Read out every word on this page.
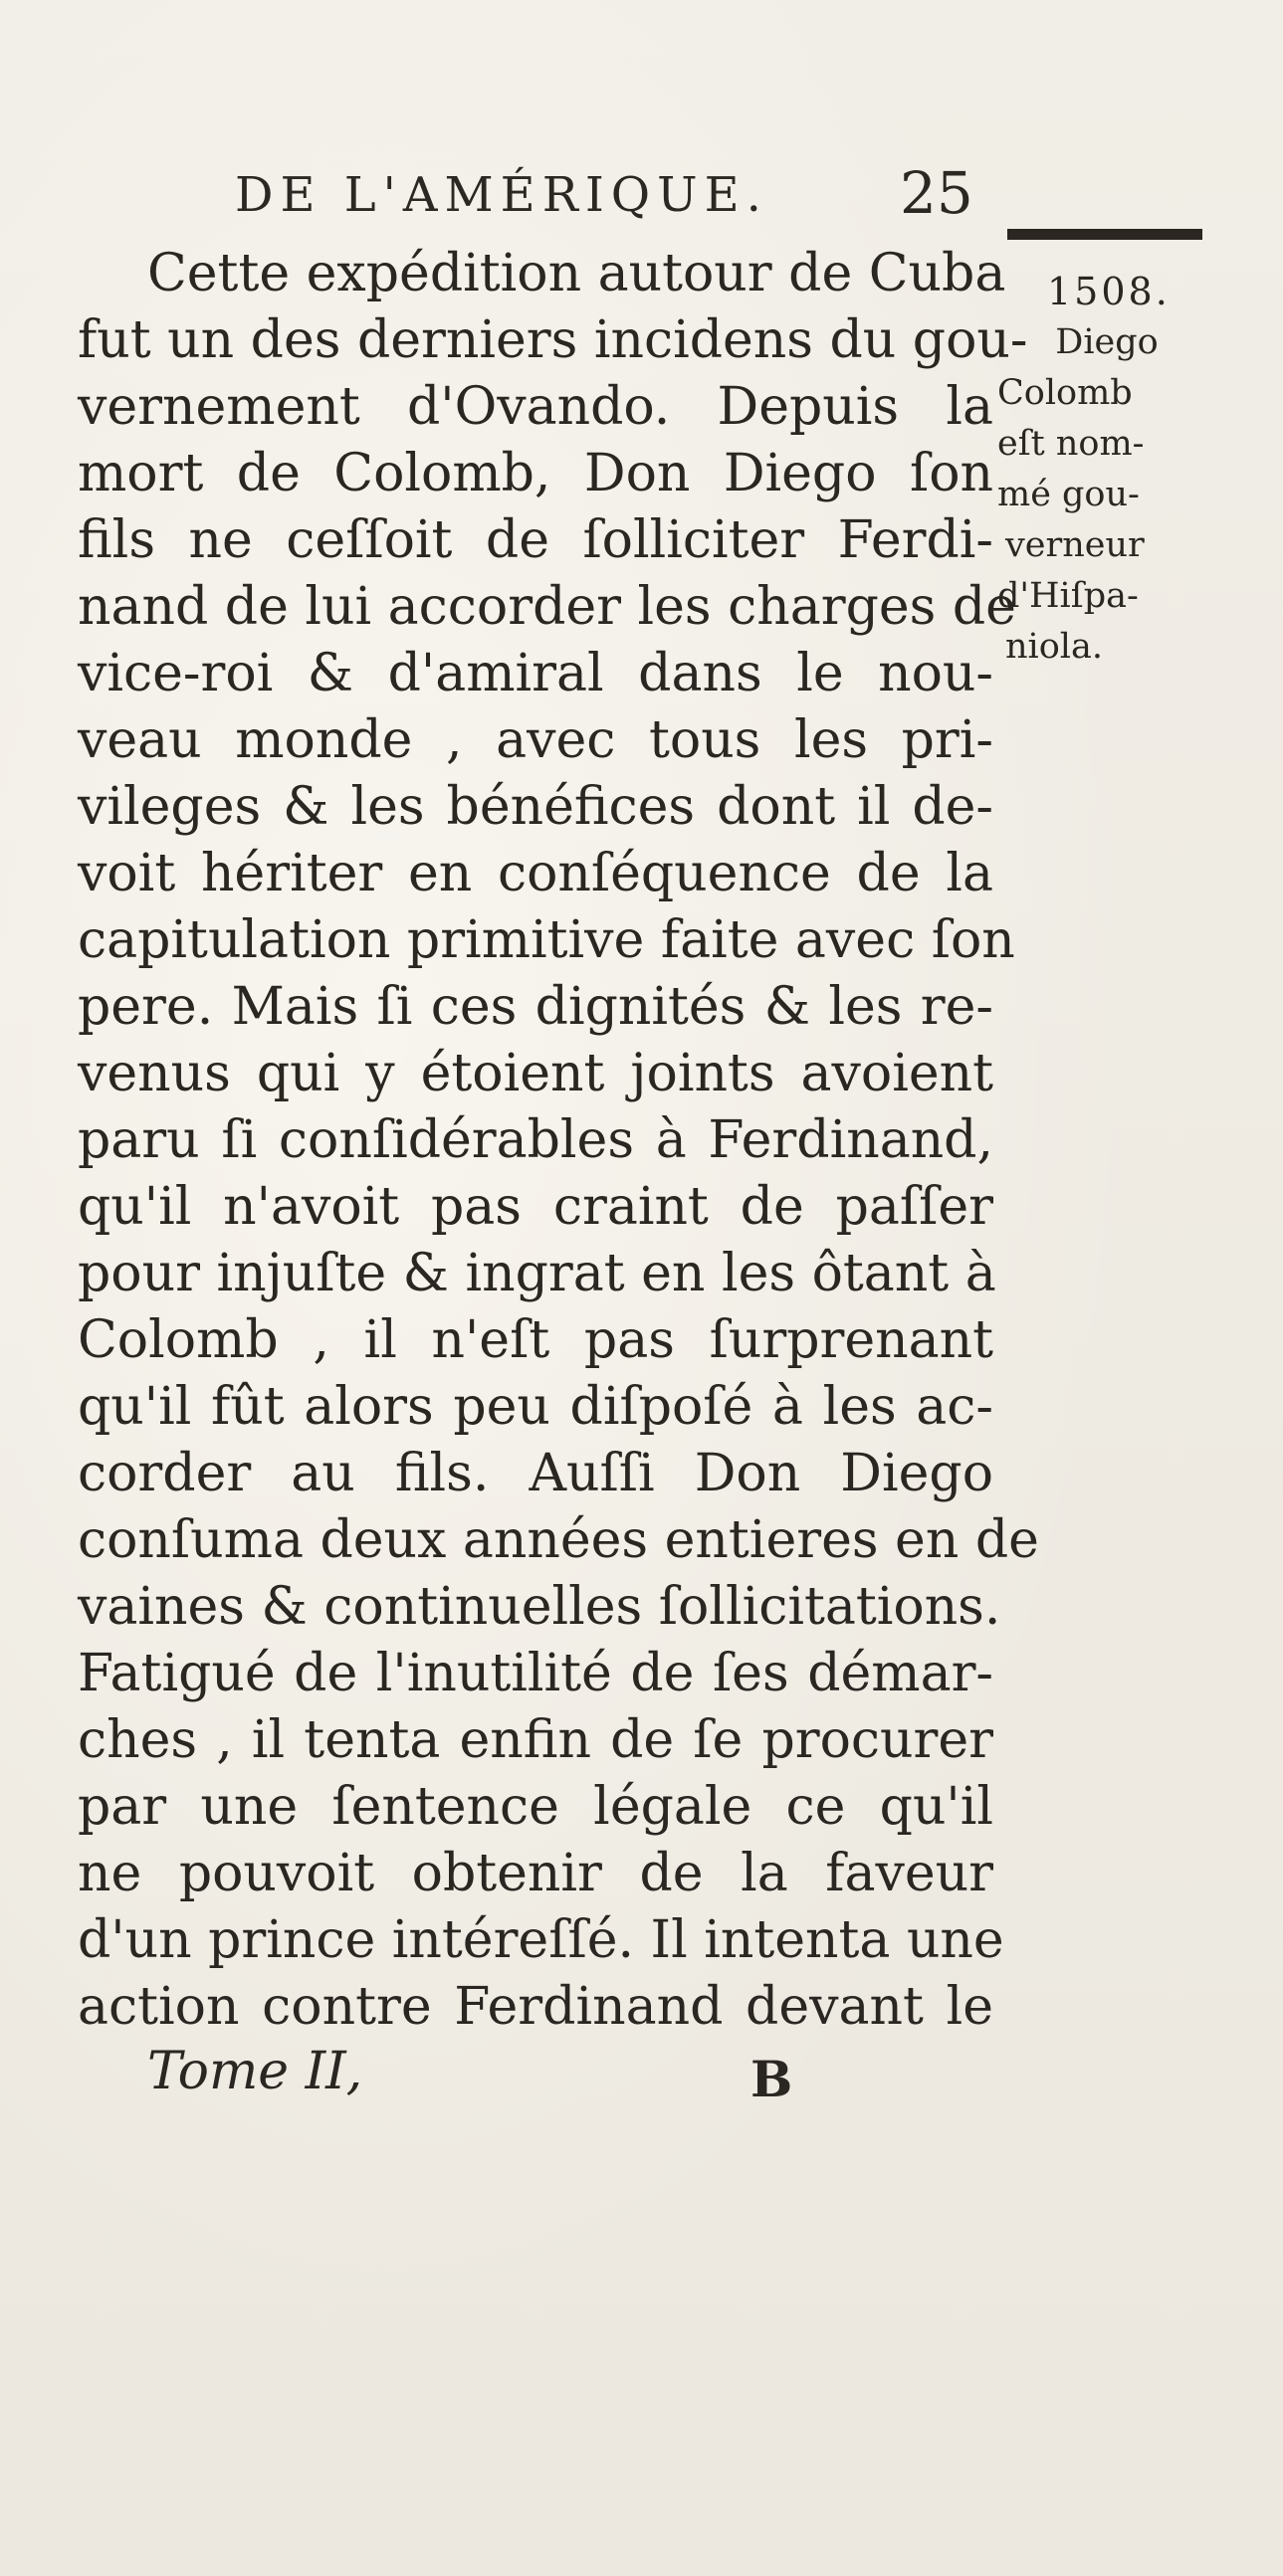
DE L'AMÉRIQUE. 25
Cette expédition autour de Cuba
fut un des derniers incidens du gou-
vernement d'Ovando. Depuis la
mort de Colomb, Don Diego ſon
fils ne ceſſoit de ſolliciter Ferdi-
nand de lui accorder les charges de
vice-roi & d'amiral dans le nou-
veau monde , avec tous les pri-
vileges & les bénéfices dont il de-
voit hériter en conſéquence de la
capitulation primitive faite avec ſon
pere. Mais ſi ces dignités & les re-
venus qui y étoient joints avoient
paru ſi conſidérables à Ferdinand,
qu'il n'avoit pas craint de paſſer
pour injuſte & ingrat en les ôtant à
Colomb , il n'eſt pas ſurprenant
qu'il fût alors peu diſpoſé à les ac-
corder au fils. Auſſi Don Diego
conſuma deux années entieres en de
vaines & continuelles ſollicitations.
Fatigué de l'inutilité de ſes démar-
ches , il tenta enfin de ſe procurer
par une ſentence légale ce qu'il
ne pouvoit obtenir de la faveur
d'un prince intéreſſé. Il intenta une
action contre Ferdinand devant le
1508.
Diego
Colomb
eſt nom-
mé gou-
verneur
d'Hiſpa-
niola.
Tome II,	B
